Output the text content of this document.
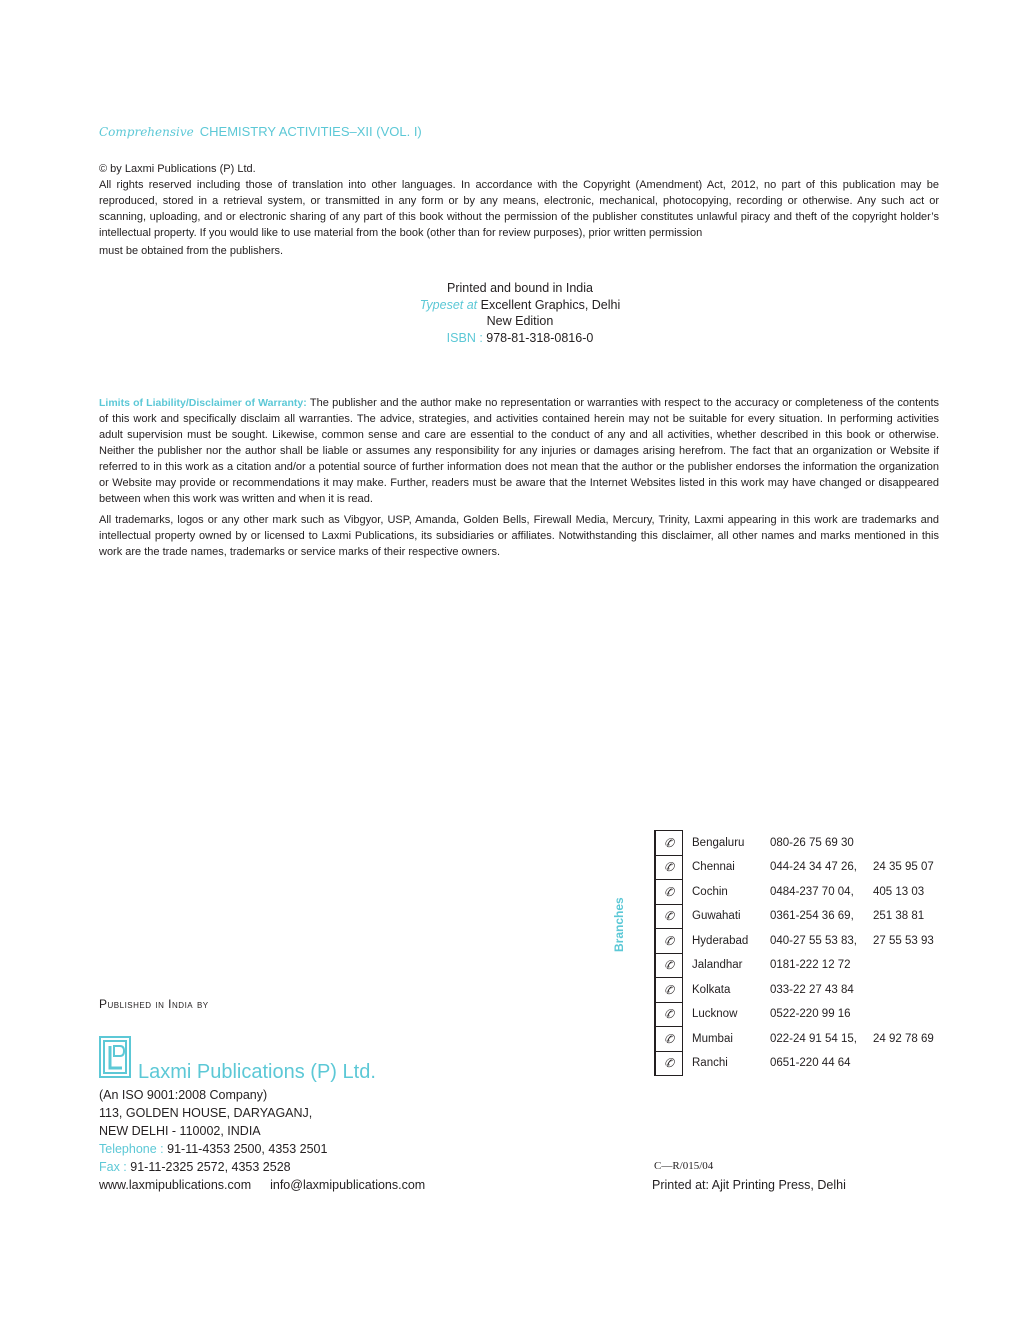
Comprehensive CHEMISTRY ACTIVITIES–XII (VOL. I)

© by Laxmi Publications (P) Ltd.

All rights reserved including those of translation into other languages. In accordance with the Copyright (Amendment) Act, 2012, no part of this publication may be reproduced, stored in a retrieval system, or transmitted in any form or by any means, electronic, mechanical, photocopying, recording or otherwise. Any such act or scanning, uploading, and or electronic sharing of any part of this book without the permission of the publisher constitutes unlawful piracy and theft of the copyright holder’s intellectual property. If you would like to use material from the book (other than for review purposes), prior written permission

must be obtained from the publishers.

Printed and bound in India
Typeset at Excellent Graphics, Delhi
New Edition
ISBN : 978-81-318-0816-0

Limits of Liability/Disclaimer of Warranty: The publisher and the author make no representation or warranties with respect to the accuracy or completeness of the contents of this work and specifically disclaim all warranties. The advice, strategies, and activities contained herein may not be suitable for every situation. In performing activities adult supervision must be sought. Likewise, common sense and care are essential to the conduct of any and all activities, whether described in this book or otherwise. Neither the publisher nor the author shall be liable or assumes any responsibility for any injuries or damages arising herefrom. The fact that an organization or Website if referred to in this work as a citation and/or a potential source of further information does not mean that the author or the publisher endorses the information the organization or Website may provide or recommendations it may make. Further, readers must be aware that the Internet Websites listed in this work may have changed or disappeared between when this work was written and when it is read.

All trademarks, logos or any other mark such as Vibgyor, USP, Amanda, Golden Bells, Firewall Media, Mercury, Trinity, Laxmi appearing in this work are trademarks and intellectual property owned by or licensed to Laxmi Publications, its subsidiaries or affiliates. Notwithstanding this disclaimer, all other names and marks mentioned in this work are the trade names, trademarks or service marks of their respective owners.

Published in India by
Laxmi Publications (P) Ltd.
(An ISO 9001:2008 Company)
113, GOLDEN HOUSE, DARYAGANJ,
NEW DELHI - 110002, INDIA
Telephone : 91-11-4353 2500, 4353 2501
Fax : 91-11-2325 2572, 4353 2528
www.laxmipublications.com info@laxmipublications.com
Branches
✆	Bengaluru	080-26 75 69 30	
✆	Chennai	044-24 34 47 26,	24 35 95 07
✆	Cochin	0484-237 70 04,	405 13 03
✆	Guwahati	0361-254 36 69,	251 38 81
✆	Hyderabad	040-27 55 53 83,	27 55 53 93
✆	Jalandhar	0181-222 12 72	
✆	Kolkata	033-22 27 43 84	
✆	Lucknow	0522-220 99 16	
✆	Mumbai	022-24 91 54 15,	24 92 78 69
✆	Ranchi	0651-220 44 64	
C—R/015/04
Printed at: Ajit Printing Press, Delhi
